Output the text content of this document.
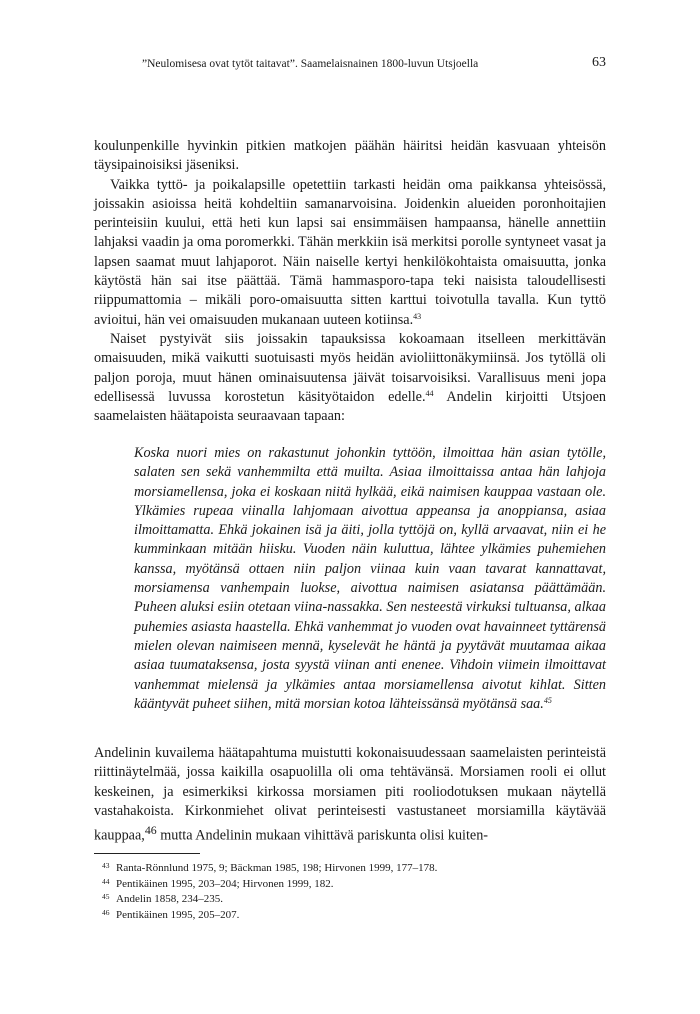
”Neulomisesa ovat tytöt taitavat”. Saamelaisnainen 1800-luvun Utsjoella	63

koulunpenkille hyvinkin pitkien matkojen päähän häiritsi heidän kasvuaan yhteisön täysipainoisiksi jäseniksi.

Vaikka tyttö- ja poikalapsille opetettiin tarkasti heidän oma paikkansa yhteisössä, joissakin asioissa heitä kohdeltiin samanarvoisina. Joidenkin alueiden poronhoitajien perinteisiin kuului, että heti kun lapsi sai ensimmäisen hampaansa, hänelle annettiin lahjaksi vaadin ja oma poromerkki. Tähän merkkiin isä merkitsi porolle syntyneet vasat ja lapsen saamat muut lahjaporot. Näin naiselle kertyi henkilökohtaista omaisuutta, jonka käytöstä hän sai itse päättää. Tämä hammasporo-tapa teki naisista taloudellisesti riippumattomia – mikäli poro-omaisuutta sitten karttui toivotulla tavalla. Kun tyttö avioitui, hän vei omaisuuden mukanaan uuteen kotiinsa.$^{43}$

Naiset pystyivät siis joissakin tapauksissa kokoamaan itselleen merkittävän omaisuuden, mikä vaikutti suotuisasti myös heidän avioliittonäkymiinsä. Jos tytöllä oli paljon poroja, muut hänen ominaisuutensa jäivät toisarvoisiksi. Varallisuus meni jopa edellisessä luvussa korostetun käsityötaidon edelle.$^{44}$ Andelin kirjoitti Utsjoen saamelaisten häätapoista seuraavaan tapaan:

Koska nuori mies on rakastunut johonkin tyttöön, ilmoittaa hän asian tytölle, salaten sen sekä vanhemmilta että muilta. Asiaa ilmoittaissa antaa hän lahjoja morsiamellensa, joka ei koskaan niitä hylkää, eikä naimisen kauppaa vastaan ole. Ylkämies rupeaa viinalla lahjomaan aivottua appeansa ja anoppiansa, asiaa ilmoittamatta. Ehkä jokainen isä ja äiti, jolla tyttöjä on, kyllä arvaavat, niin ei he kumminkaan mitään hiisku. Vuoden näin kuluttua, lähtee ylkämies puhemiehen kanssa, myötänsä ottaen niin paljon viinaa kuin vaan tavarat kannattavat, morsiamensa vanhempain luokse, aivottua naimisen asiatansa päättämään. Puheen aluksi esiin otetaan viina-nassakka. Sen nesteestä virkuksi tultuansa, alkaa puhemies asiasta haastella. Ehkä vanhemmat jo vuoden ovat havainneet tyttärensä mielen olevan naimiseen mennä, kyselevät he häntä ja pyytävät muutamaa aikaa asiaa tuumataksensa, josta syystä viinan anti enenee. Vihdoin viimein ilmoittavat vanhemmat mielensä ja ylkämies antaa morsiamellensa aivotut kihlat. Sitten kääntyvät puheet siihen, mitä morsian kotoa lähteissänsä myötänsä saa.$^{45}$

Andelinin kuvailema häätapahtuma muistutti kokonaisuudessaan saamelaisten perinteistä riittinäytelmää, jossa kaikilla osapuolilla oli oma tehtävänsä. Morsiamen rooli ei ollut keskeinen, ja esimerkiksi kirkossa morsiamen piti rooliodotuksen mukaan näytellä vastahakoista. Kirkonmiehet olivat perinteisesti vastustaneet morsiamilla käytävää kauppaa,$^{46}$ mutta Andelinin mukaan vihittävä pariskunta olisi kuiten-

43 Ranta-Rönnlund 1975, 9; Bäckman 1985, 198; Hirvonen 1999, 177–178.
44 Pentikäinen 1995, 203–204; Hirvonen 1999, 182.
45 Andelin 1858, 234–235.
46 Pentikäinen 1995, 205–207.
